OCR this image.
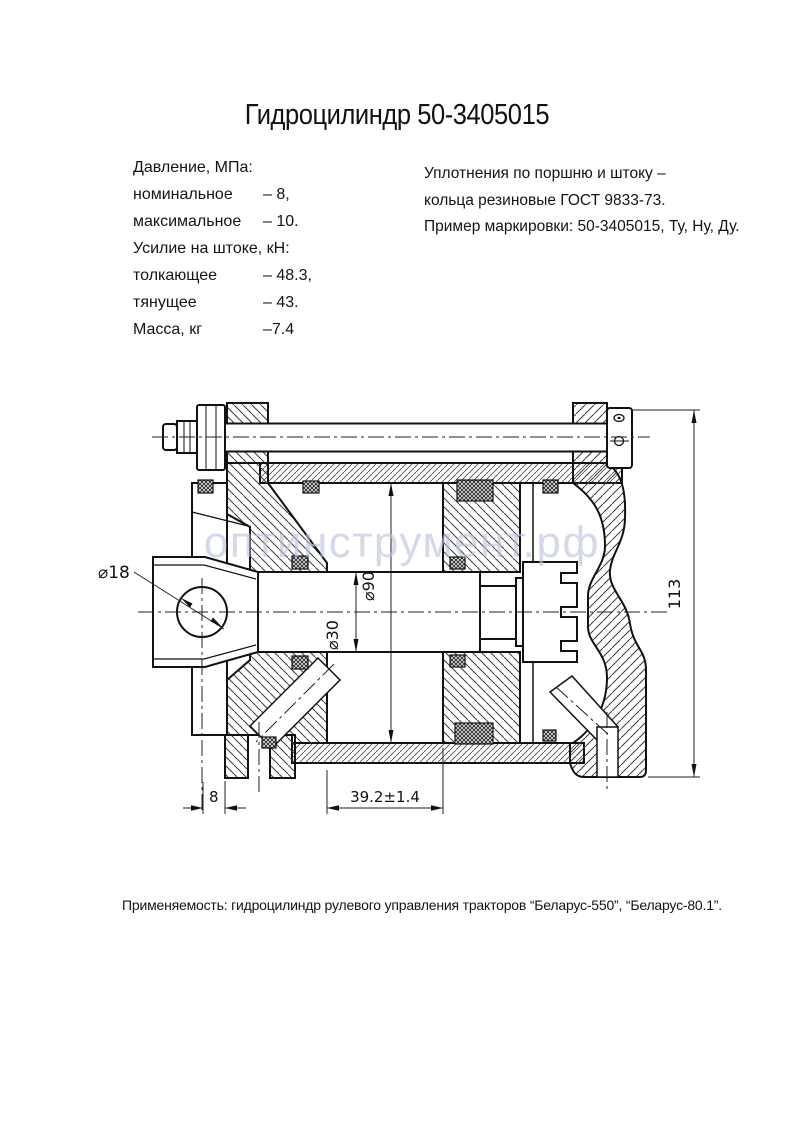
Гидроцилиндр 50-3405015
Давление, МПа:
номинальное	– 8,
максимальное	– 10.
Усилие на штоке, кН:
толкающее	– 48.3,
тянущее	– 43.
Масса, кг	–7.4
Уплотнения по поршню и штоку –
кольца резиновые ГОСТ 9833-73.
Пример маркировки: 50-3405015, Ту, Ну, Ду.
⌀18
⌀30
⌀90	113
8	39.2±1.4
оптинструмент.рф
Применяемость: гидроцилиндр рулевого управления тракторов “Беларус-550”, “Беларус-80.1”.
